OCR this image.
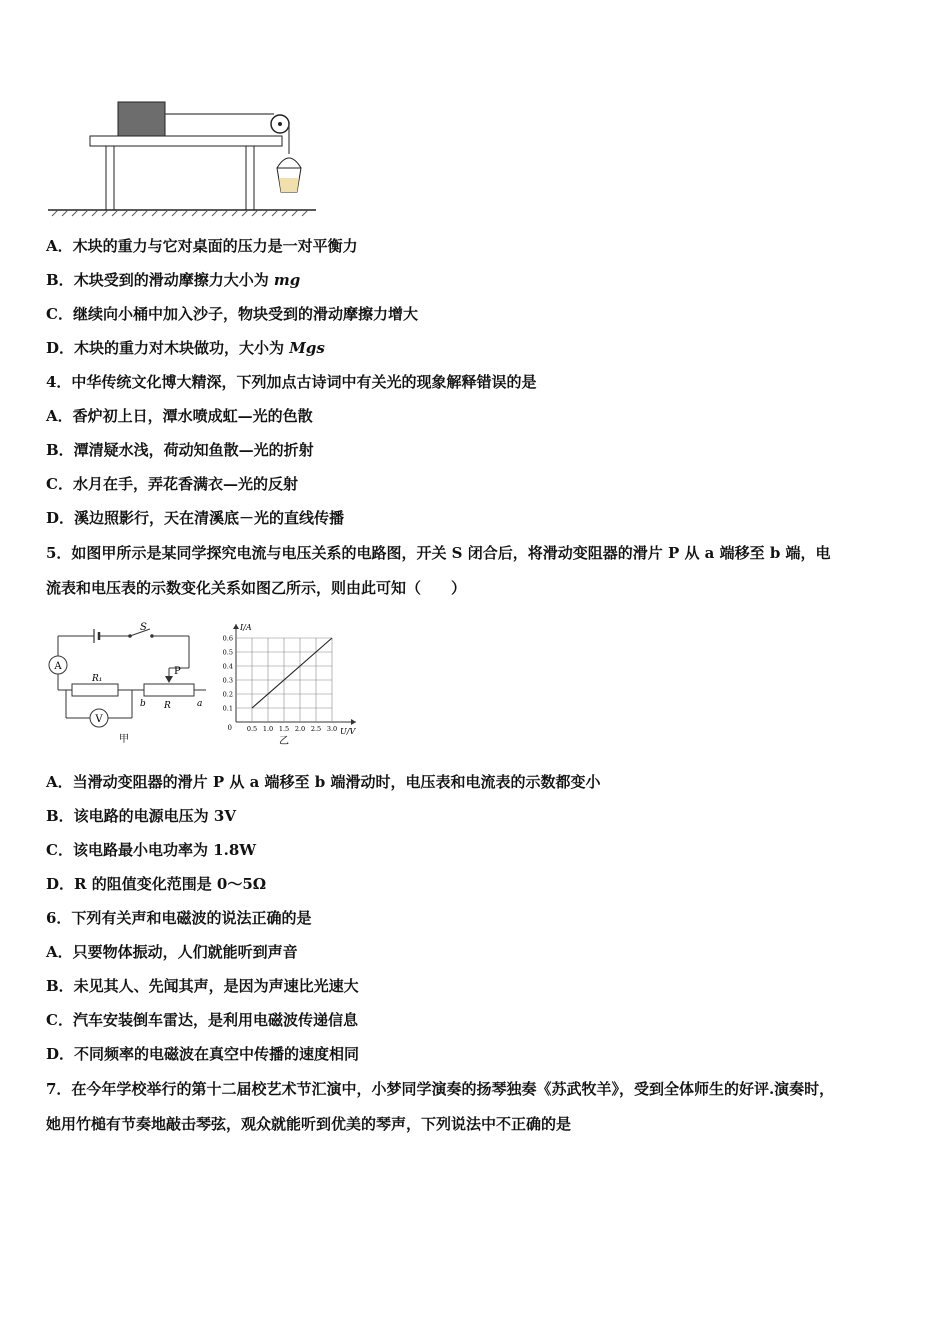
A．木块的重力与它对桌面的压力是一对平衡力
B．木块受到的滑动摩擦力大小为 mg
C．继续向小桶中加入沙子，物块受到的滑动摩擦力增大
D．木块的重力对木块做功，大小为 Mgs
4．中华传统文化博大精深，下列加点古诗词中有关光的现象解释错误的是
A．香炉初上日，潭水喷成虹—光的色散
B．潭清疑水浅，荷动知鱼散—光的折射
C．水月在手，弄花香满衣—光的反射
D．溪边照影行，天在清溪底－光的直线传播
5．如图甲所示是某同学探究电流与电压关系的电路图，开关 S 闭合后，将滑动变阻器的滑片 P 从 a 端移至 b 端，电
流表和电压表的示数变化关系如图乙所示，则由此可知（　　）
A
V
S
P
R₁
R
b	a
甲
0.5 1.0 1.5 2.0 2.5 3.0
0.1
0.2
0.3
0.4
0.5
0.6
0
I/A
U/V
乙
A．当滑动变阻器的滑片 P 从 a 端移至 b 端滑动时，电压表和电流表的示数都变小
B．该电路的电源电压为 3V
C．该电路最小电功率为 1.8W
D．R 的阻值变化范围是 0～5Ω
6．下列有关声和电磁波的说法正确的是
A．只要物体振动，人们就能听到声音
B．未见其人、先闻其声，是因为声速比光速大
C．汽车安装倒车雷达，是利用电磁波传递信息
D．不同频率的电磁波在真空中传播的速度相同
7．在今年学校举行的第十二届校艺术节汇演中，小梦同学演奏的扬琴独奏《苏武牧羊》，受到全体师生的好评.演奏时，
她用竹槌有节奏地敲击琴弦，观众就能听到优美的琴声，下列说法中不正确的是
